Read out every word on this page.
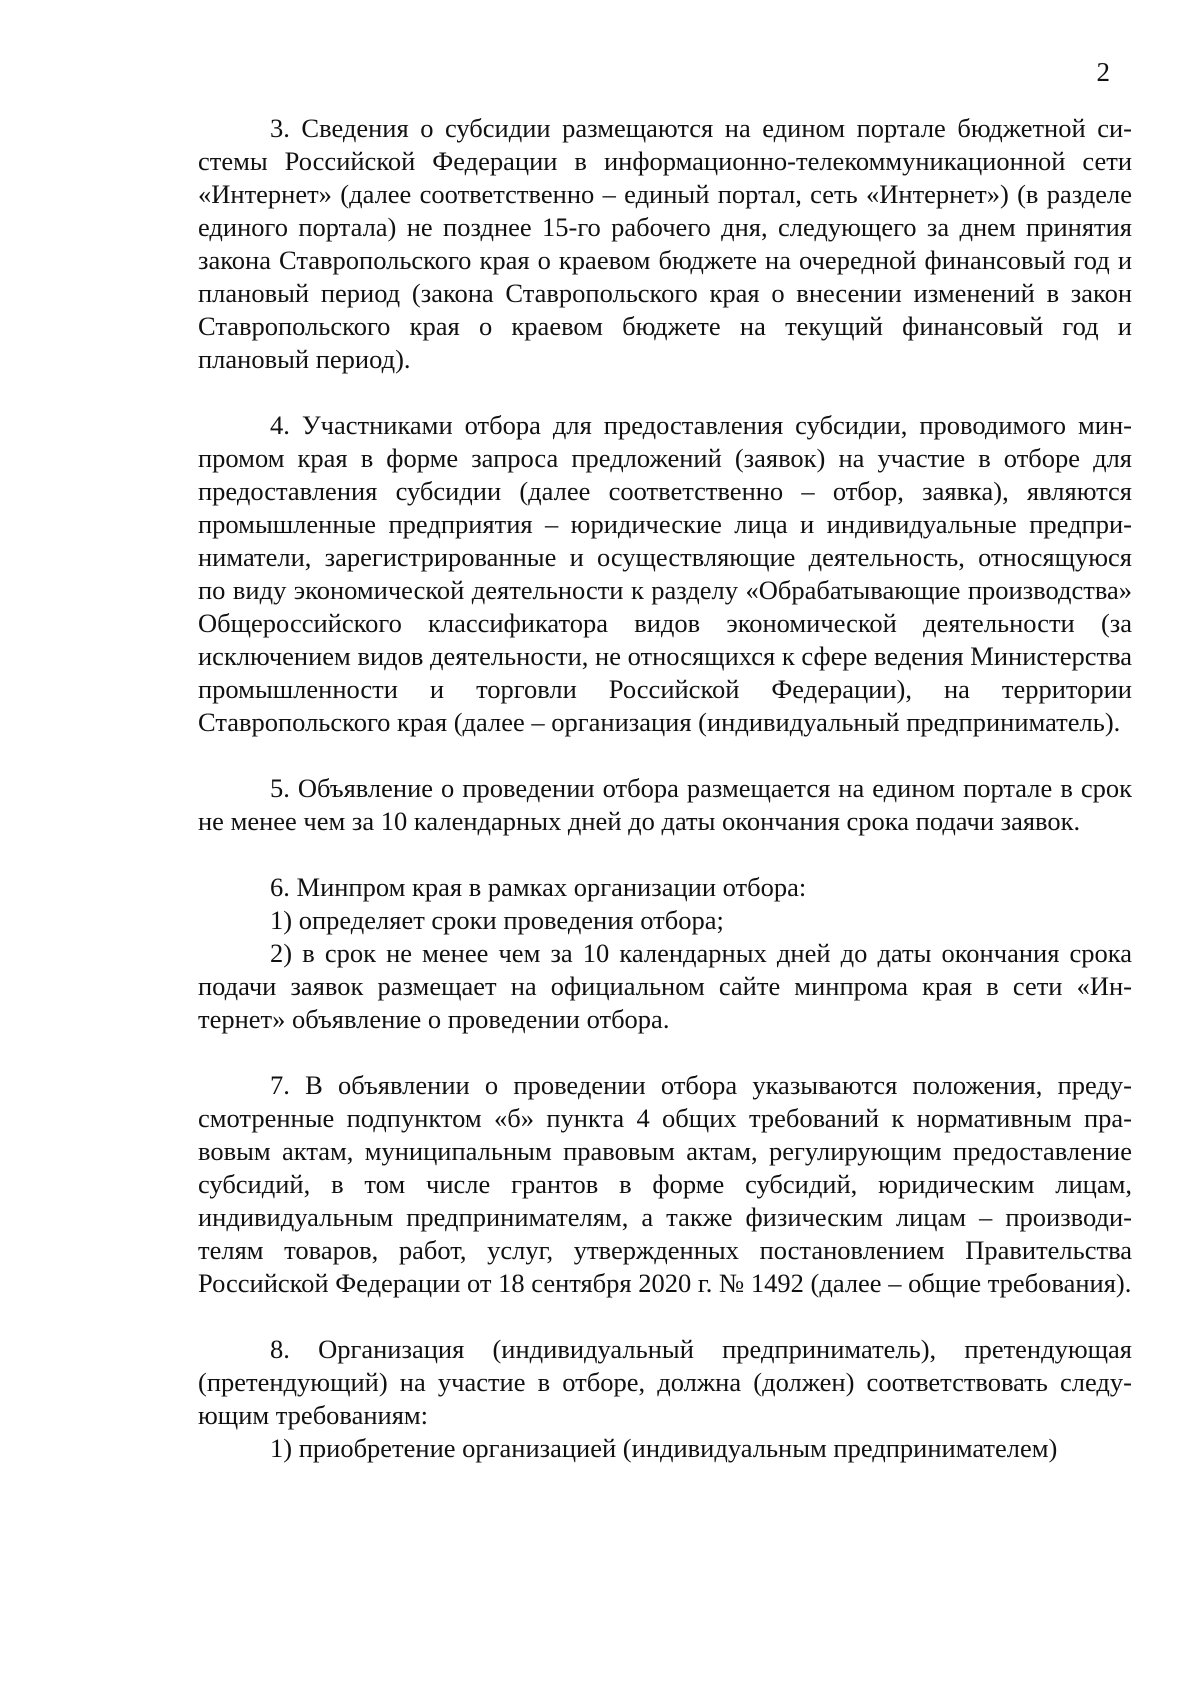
2

3. Сведения о субсидии размещаются на едином портале бюджетной системы Российской Федерации в информационно-телекоммуникационной сети «Интернет» (далее соответственно – единый портал, сеть «Интернет») (в разделе единого портала) не позднее 15-го рабочего дня, следующего за днем принятия закона Ставропольского края о краевом бюджете на очередной финансовый год и плановый период (закона Ставропольского края о внесении изменений в закон Ставропольского края о краевом бюджете на текущий финансовый год и плановый период).

4. Участниками отбора для предоставления субсидии, проводимого минпромом края в форме запроса предложений (заявок) на участие в отборе для предоставления субсидии (далее соответственно – отбор, заявка), являются промышленные предприятия – юридические лица и индивидуальные предприниматели, зарегистрированные и осуществляющие деятельность, относящуюся по виду экономической деятельности к разделу «Обрабатывающие производства» Общероссийского классификатора видов экономической деятельности (за исключением видов деятельности, не относящихся к сфере ведения Министерства промышленности и торговли Российской Федерации), на территории Ставропольского края (далее – организация (индивидуальный предприниматель).

5. Объявление о проведении отбора размещается на едином портале в срок не менее чем за 10 календарных дней до даты окончания срока подачи заявок.

6. Минпром края в рамках организации отбора:

1) определяет сроки проведения отбора;

2) в срок не менее чем за 10 календарных дней до даты окончания срока подачи заявок размещает на официальном сайте минпрома края в сети «Интернет» объявление о проведении отбора.

7. В объявлении о проведении отбора указываются положения, предусмотренные подпунктом «б» пункта 4 общих требований к нормативным правовым актам, муниципальным правовым актам, регулирующим предоставление субсидий, в том числе грантов в форме субсидий, юридическим лицам, индивидуальным предпринимателям, а также физическим лицам – производителям товаров, работ, услуг, утвержденных постановлением Правительства Российской Федерации от 18 сентября 2020 г. № 1492 (далее – общие требования).

8. Организация (индивидуальный предприниматель), претендующая (претендующий) на участие в отборе, должна (должен) соответствовать следующим требованиям:

1) приобретение организацией (индивидуальным предпринимателем)
